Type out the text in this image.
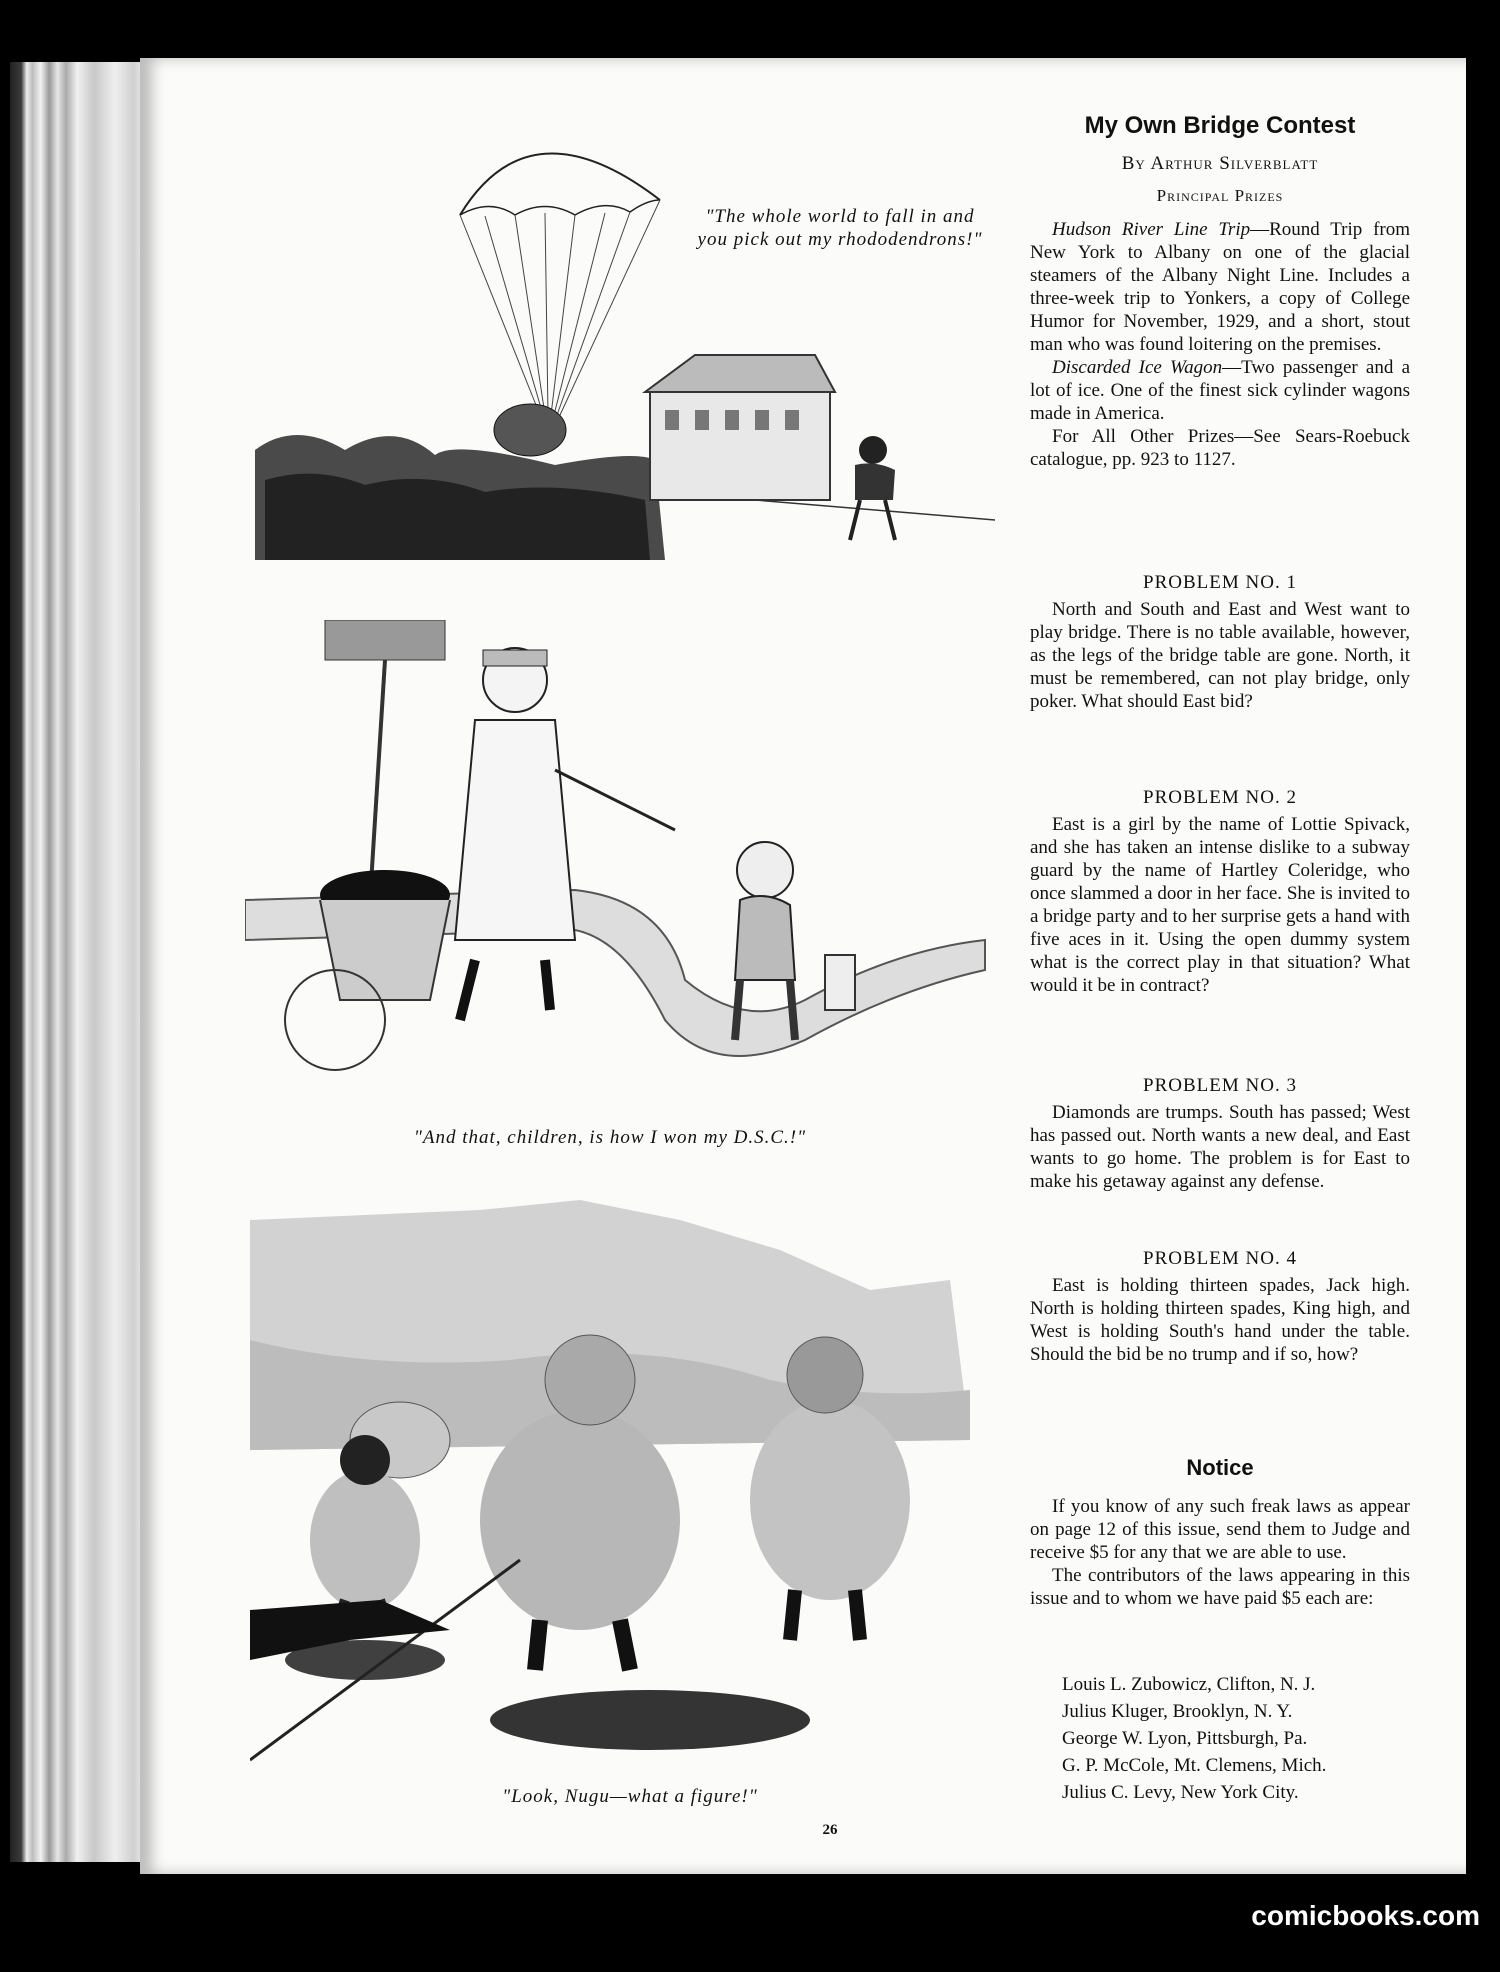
"The whole world to fall in and you pick out my rhododendrons!"
"And that, children, is how I won my D.S.C.!"
"Look, Nugu—what a figure!"
My Own Bridge Contest
By Arthur Silverblatt
Principal Prizes

Hudson River Line Trip—Round Trip from New York to Albany on one of the glacial steamers of the Albany Night Line. Includes a three-week trip to Yonkers, a copy of College Humor for November, 1929, and a short, stout man who was found loitering on the premises.

Discarded Ice Wagon—Two passenger and a lot of ice. One of the finest sick cylinder wagons made in America.

For All Other Prizes—See Sears-Roebuck catalogue, pp. 923 to 1127.

PROBLEM NO. 1

North and South and East and West want to play bridge. There is no table available, however, as the legs of the bridge table are gone. North, it must be remembered, can not play bridge, only poker. What should East bid?

PROBLEM NO. 2

East is a girl by the name of Lottie Spivack, and she has taken an intense dislike to a subway guard by the name of Hartley Coleridge, who once slammed a door in her face. She is invited to a bridge party and to her surprise gets a hand with five aces in it. Using the open dummy system what is the correct play in that situation? What would it be in contract?

PROBLEM NO. 3

Diamonds are trumps. South has passed; West has passed out. North wants a new deal, and East wants to go home. The problem is for East to make his getaway against any defense.

PROBLEM NO. 4

East is holding thirteen spades, Jack high. North is holding thirteen spades, King high, and West is holding South's hand under the table. Should the bid be no trump and if so, how?

Notice

If you know of any such freak laws as appear on page 12 of this issue, send them to Judge and receive $5 for any that we are able to use.

The contributors of the laws appearing in this issue and to whom we have paid $5 each are:

Louis L. Zubowicz, Clifton, N. J.
Julius Kluger, Brooklyn, N. Y.
George W. Lyon, Pittsburgh, Pa.
G. P. McCole, Mt. Clemens, Mich.
Julius C. Levy, New York City.
26
comicbooks.com
